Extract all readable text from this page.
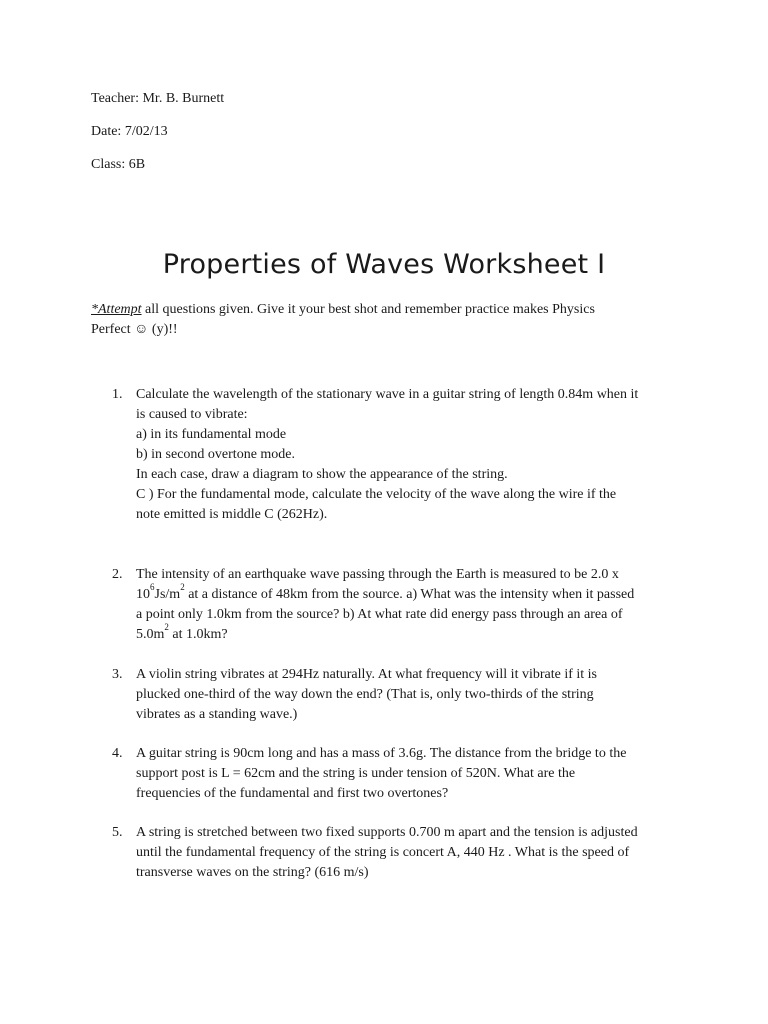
Teacher: Mr. B. Burnett
Date: 7/02/13
Class: 6B
Properties of Waves Worksheet I
*Attempt all questions given. Give it your best shot and remember practice makes Physics
Perfect ☺ (y)!!
1. Calculate the wavelength of the stationary wave in a guitar string of length 0.84m when it
is caused to vibrate:
a) in its fundamental mode
b) in second overtone mode.
In each case, draw a diagram to show the appearance of the string.
C ) For the fundamental mode, calculate the velocity of the wave along the wire if the
note emitted is middle C (262Hz).
2. The intensity of an earthquake wave passing through the Earth is measured to be 2.0 x
$10^6Js/m^2$ at a distance of 48km from the source. a) What was the intensity when it passed
a point only 1.0km from the source? b) At what rate did energy pass through an area of
$5.0m^2$ at 1.0km?
3. A violin string vibrates at 294Hz naturally. At what frequency will it vibrate if it is
plucked one-third of the way down the end? (That is, only two-thirds of the string
vibrates as a standing wave.)
4. A guitar string is 90cm long and has a mass of 3.6g. The distance from the bridge to the
support post is L = 62cm and the string is under tension of 520N. What are the
frequencies of the fundamental and first two overtones?
5. A string is stretched between two fixed supports 0.700 m apart and the tension is adjusted
until the fundamental frequency of the string is concert A, 440 Hz . What is the speed of
transverse waves on the string? (616 m/s)
